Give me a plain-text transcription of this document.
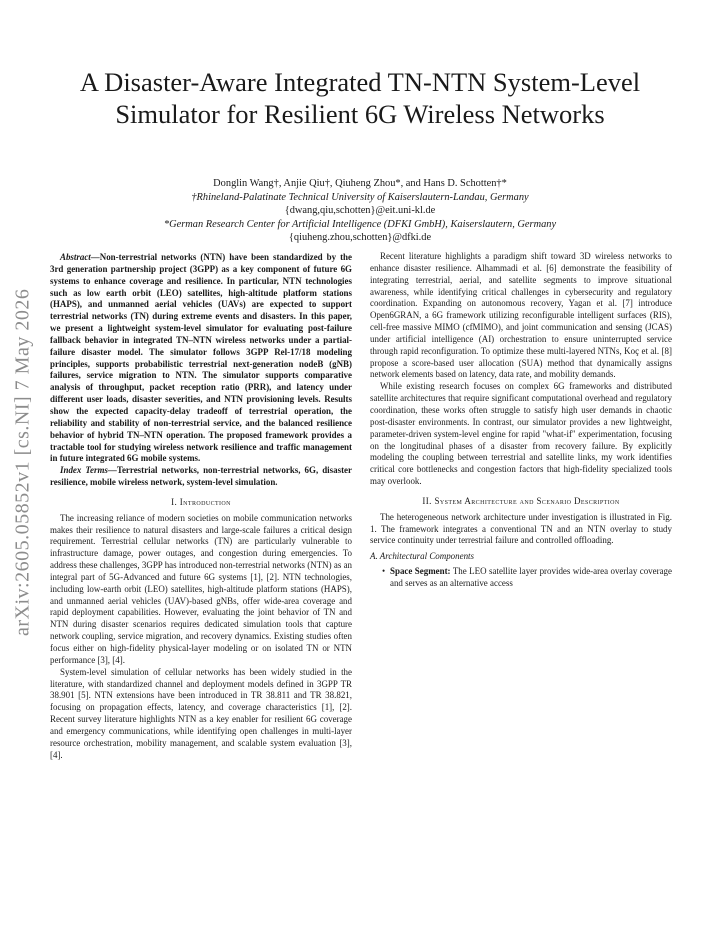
arXiv:2605.05852v1 [cs.NI] 7 May 2026
A Disaster-Aware Integrated TN-NTN System-Level
Simulator for Resilient 6G Wireless Networks
Donglin Wang†, Anjie Qiu†, Qiuheng Zhou*, and Hans D. Schotten†*
†Rhineland-Palatinate Technical University of Kaiserslautern-Landau, Germany
{dwang,qiu,schotten}@eit.uni-kl.de
*German Research Center for Artificial Intelligence (DFKI GmbH), Kaiserslautern, Germany
{qiuheng.zhou,schotten}@dfki.de

Abstract—Non-terrestrial networks (NTN) have been standardized by the 3rd generation partnership project (3GPP) as a key component of future 6G systems to enhance coverage and resilience. In particular, NTN technologies such as low earth orbit (LEO) satellites, high-altitude platform stations (HAPS), and unmanned aerial vehicles (UAVs) are expected to support terrestrial networks (TN) during extreme events and disasters. In this paper, we present a lightweight system-level simulator for evaluating post-failure fallback behavior in integrated TN–NTN wireless networks under a partial-failure disaster model. The simulator follows 3GPP Rel-17/18 modeling principles, supports probabilistic terrestrial next-generation nodeB (gNB) failures, service migration to NTN. The simulator supports comparative analysis of throughput, packet reception ratio (PRR), and latency under different user loads, disaster severities, and NTN provisioning levels. Results show the expected capacity-delay tradeoff of terrestrial operation, the reliability and stability of non-terrestrial service, and the balanced resilience behavior of hybrid TN–NTN operation. The proposed framework provides a tractable tool for studying wireless network resilience and traffic management in future integrated 6G mobile systems.

Index Terms—Terrestrial networks, non-terrestrial networks, 6G, disaster resilience, mobile wireless network, system-level simulation.

I. Introduction

The increasing reliance of modern societies on mobile communication networks makes their resilience to natural disasters and large-scale failures a critical design requirement. Terrestrial cellular networks (TN) are particularly vulnerable to infrastructure damage, power outages, and congestion during emergencies. To address these challenges, 3GPP has introduced non-terrestrial networks (NTN) as an integral part of 5G-Advanced and future 6G systems [1], [2]. NTN technologies, including low-earth orbit (LEO) satellites, high-altitude platform stations (HAPS), and unmanned aerial vehicles (UAV)-based gNBs, offer wide-area coverage and rapid deployment capabilities. However, evaluating the joint behavior of TN and NTN during disaster scenarios requires dedicated simulation tools that capture network coupling, service migration, and recovery dynamics. Existing studies often focus either on high-fidelity physical-layer modeling or on isolated TN or NTN performance [3], [4].

System-level simulation of cellular networks has been widely studied in the literature, with standardized channel and deployment models defined in 3GPP TR 38.901 [5]. NTN extensions have been introduced in TR 38.811 and TR 38.821, focusing on propagation effects, latency, and coverage characteristics [1], [2]. Recent survey literature highlights NTN as a key enabler for resilient 6G coverage and emergency communications, while identifying open challenges in multi-layer resource orchestration, mobility management, and scalable system evaluation [3], [4].

Recent literature highlights a paradigm shift toward 3D wireless networks to enhance disaster resilience. Alhammadi et al. [6] demonstrate the feasibility of integrating terrestrial, aerial, and satellite segments to improve situational awareness, while identifying critical challenges in cybersecurity and regulatory coordination. Expanding on autonomous recovery, Yagan et al. [7] introduce Open6GRAN, a 6G framework utilizing reconfigurable intelligent surfaces (RIS), cell-free massive MIMO (cfMIMO), and joint communication and sensing (JCAS) under artificial intelligence (AI) orchestration to ensure uninterrupted service through rapid reconfiguration. To optimize these multi-layered NTNs, Koç et al. [8] propose a score-based user allocation (SUA) method that dynamically assigns network elements based on latency, data rate, and mobility demands.

While existing research focuses on complex 6G frameworks and distributed satellite architectures that require significant computational overhead and regulatory coordination, these works often struggle to satisfy high user demands in chaotic post-disaster environments. In contrast, our simulator provides a new lightweight, parameter-driven system-level engine for rapid "what-if" experimentation, focusing on the longitudinal phases of a disaster from recovery failure. By explicitly modeling the coupling between terrestrial and satellite links, my work identifies critical core bottlenecks and congestion factors that high-fidelity specialized tools may overlook.

II. System Architecture and Scenario Description

The heterogeneous network architecture under investigation is illustrated in Fig. 1. The framework integrates a conventional TN and an NTN overlay to study service continuity under terrestrial failure and controlled offloading.

A. Architectural Components
• Space Segment: The LEO satellite layer provides wide-area overlay coverage and serves as an alternative access
